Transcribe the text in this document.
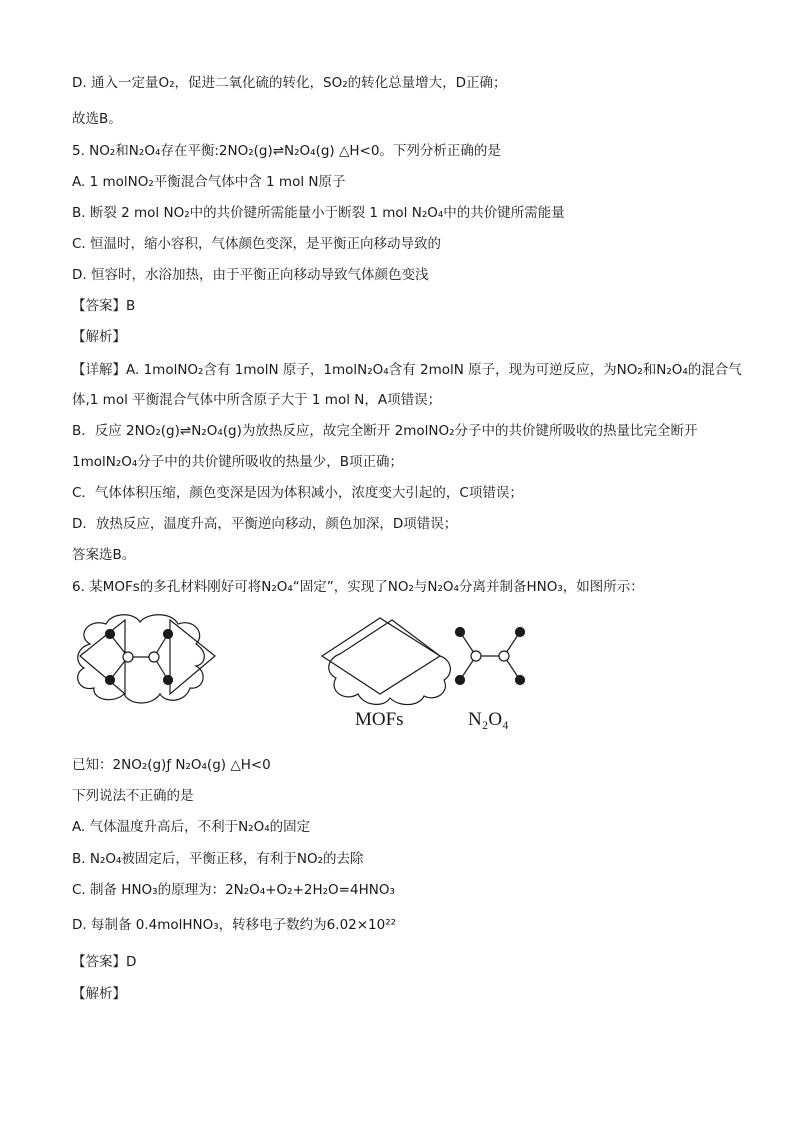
D. 通入一定量O₂，促进二氧化硫的转化，SO₂的转化总量增大，D正确；
故选B。
5. NO₂和N₂O₄存在平衡:2NO₂(g)⇌N₂O₄(g) △H<0。下列分析正确的是
A. 1 molNO₂平衡混合气体中含 1 mol N原子
B. 断裂 2 mol NO₂中的共价键所需能量小于断裂 1 mol N₂O₄中的共价键所需能量
C. 恒温时，缩小容积，气体颜色变深，是平衡正向移动导致的
D. 恒容时，水浴加热，由于平衡正向移动导致气体颜色变浅
【答案】B
【解析】
【详解】A. 1molNO₂含有 1molN 原子，1molN₂O₄含有 2molN 原子，现为可逆反应，为NO₂和N₂O₄的混合气
体,1 mol 平衡混合气体中所含原子大于 1 mol N，A项错误；
B．反应 2NO₂(g)⇌N₂O₄(g)为放热反应，故完全断开 2molNO₂分子中的共价键所吸收的热量比完全断开
1molN₂O₄分子中的共价键所吸收的热量少，B项正确；
C．气体体积压缩，颜色变深是因为体积减小，浓度变大引起的，C项错误；
D．放热反应，温度升高，平衡逆向移动，颜色加深，D项错误；
答案选B。
6. 某MOFs的多孔材料刚好可将N₂O₄“固定”，实现了NO₂与N₂O₄分离并制备HNO₃，如图所示：
MOFs	N₂O₄
已知：2NO₂(g)ƒ N₂O₄(g) △H<0
下列说法不正确的是
A. 气体温度升高后，不利于N₂O₄的固定
B. N₂O₄被固定后，平衡正移，有利于NO₂的去除
C. 制备 HNO₃的原理为：2N₂O₄+O₂+2H₂O=4HNO₃
D. 每制备 0.4molHNO₃，转移电子数约为6.02×10²²
【答案】D
【解析】
